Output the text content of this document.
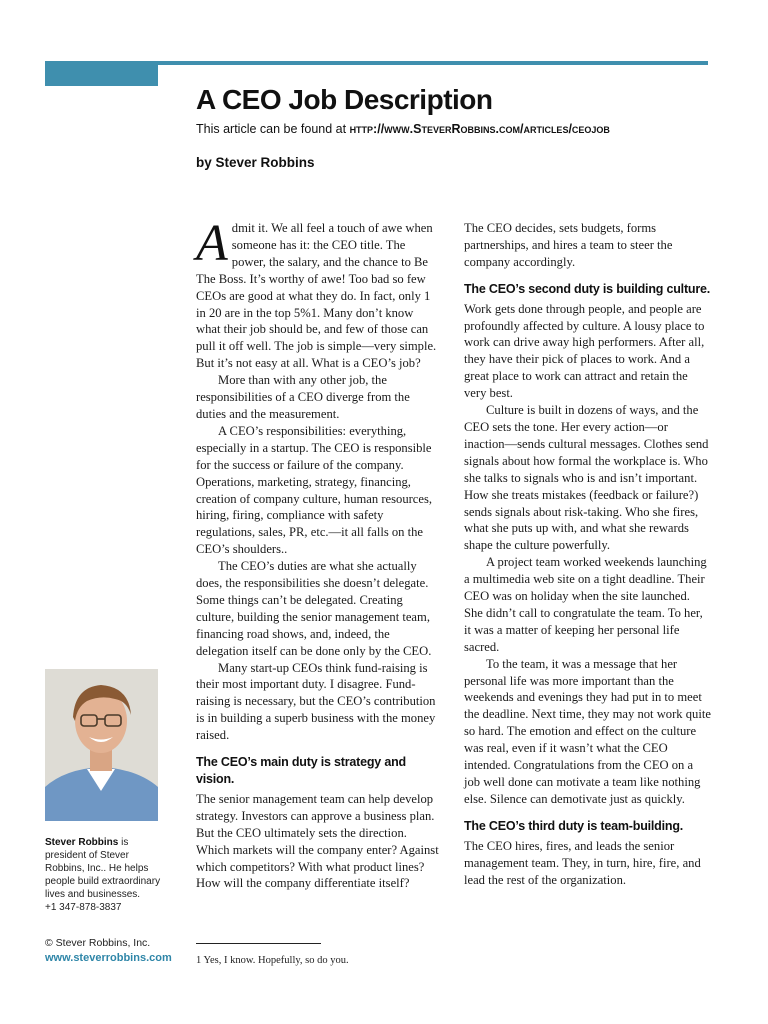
A CEO Job Description
This article can be found at http://www.SteverRobbins.com/articles/ceojob
by Stever Robbins

Admit it. We all feel a touch of awe when someone has it: the CEO title. The power, the salary, and the chance to Be The Boss. It’s worthy of awe! Too bad so few CEOs are good at what they do. In fact, only 1 in 20 are in the top 5%1. Many don’t know what their job should be, and few of those can pull it off well. The job is simple—very simple. But it’s not easy at all. What is a CEO’s job?

More than with any other job, the responsibilities of a CEO diverge from the duties and the measurement.

A CEO’s responsibilities: everything, especially in a startup. The CEO is responsible for the success or failure of the company. Operations, marketing, strategy, financing, creation of company culture, human resources, hiring, firing, compliance with safety regulations, sales, PR, etc.—it all falls on the CEO’s shoulders..

The CEO’s duties are what she actually does, the responsibilities she doesn’t delegate. Some things can’t be delegated. Creating culture, building the senior management team, financing road shows, and, indeed, the delegation itself can be done only by the CEO.

Many start-up CEOs think fund-raising is their most important duty. I disagree. Fund-raising is necessary, but the CEO’s contribution is in building a superb business with the money raised.

The CEO’s main duty is strategy and vision.

The senior management team can help develop strategy. Investors can approve a business plan. But the CEO ultimately sets the direction. Which markets will the company enter? Against which competitors? With what product lines? How will the company differentiate itself?

The CEO decides, sets budgets, forms partnerships, and hires a team to steer the company accordingly.

The CEO’s second duty is building culture.

Work gets done through people, and people are profoundly affected by culture. A lousy place to work can drive away high performers. After all, they have their pick of places to work. And a great place to work can attract and retain the very best.

Culture is built in dozens of ways, and the CEO sets the tone. Her every action—or inaction—sends cultural messages. Clothes send signals about how formal the workplace is. Who she talks to signals who is and isn’t important. How she treats mistakes (feedback or failure?) sends signals about risk-taking. Who she fires, what she puts up with, and what she rewards shape the culture powerfully.

A project team worked weekends launching a multimedia web site on a tight deadline. Their CEO was on holiday when the site launched. She didn’t call to congratulate the team. To her, it was a matter of keeping her personal life sacred.

To the team, it was a message that her personal life was more important than the weekends and evenings they had put in to meet the deadline. Next time, they may not work quite so hard. The emotion and effect on the culture was real, even if it wasn’t what the CEO intended. Congratulations from the CEO on a job well done can motivate a team like nothing else. Silence can demotivate just as quickly.

The CEO’s third duty is team-building.

The CEO hires, fires, and leads the senior management team. They, in turn, hire, fire, and lead the rest of the organization.

1 Yes, I know. Hopefully, so do you.
Stever Robbins is president of Stever Robbins, Inc.. He helps people build extraordinary lives and businesses.
+1 347-878-3837
© Stever Robbins, Inc.
www.steverrobbins.com
